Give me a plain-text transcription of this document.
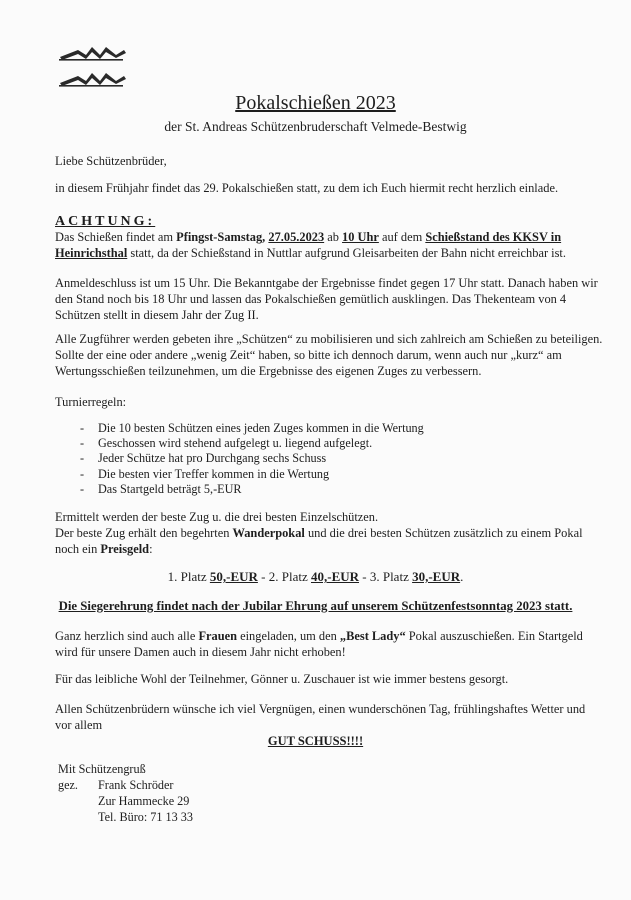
Pokalschießen 2023
der St. Andreas Schützenbruderschaft Velmede-Bestwig
Liebe Schützenbrüder,
in diesem Frühjahr findet das 29. Pokalschießen statt, zu dem ich Euch hiermit recht herzlich einlade.
ACHTUNG:
Das Schießen findet am Pfingst-Samstag, 27.05.2023 ab 10 Uhr auf dem Schießstand des KKSV in Heinrichsthal statt, da der Schießstand in Nuttlar aufgrund Gleisarbeiten der Bahn nicht erreichbar ist.
Anmeldeschluss ist um 15 Uhr. Die Bekanntgabe der Ergebnisse findet gegen 17 Uhr statt. Danach haben wir den Stand noch bis 18 Uhr und lassen das Pokalschießen gemütlich ausklingen. Das Thekenteam von 4 Schützen stellt in diesem Jahr der Zug II.
Alle Zugführer werden gebeten ihre „Schützen“ zu mobilisieren und sich zahlreich am Schießen zu beteiligen. Sollte der eine oder andere „wenig Zeit“ haben, so bitte ich dennoch darum, wenn auch nur „kurz“ am Wertungsschießen teilzunehmen, um die Ergebnisse des eigenen Zuges zu verbessern.
Turnierregeln:
- Die 10 besten Schützen eines jeden Zuges kommen in die Wertung
- Geschossen wird stehend aufgelegt u. liegend aufgelegt.
- Jeder Schütze hat pro Durchgang sechs Schuss
- Die besten vier Treffer kommen in die Wertung
- Das Startgeld beträgt 5,-EUR
Ermittelt werden der beste Zug u. die drei besten Einzelschützen.
Der beste Zug erhält den begehrten Wanderpokal und die drei besten Schützen zusätzlich zu einem Pokal noch ein Preisgeld:
1. Platz 50,-EUR - 2. Platz 40,-EUR - 3. Platz 30,-EUR.
Die Siegerehrung findet nach der Jubilar Ehrung auf unserem Schützenfestsonntag 2023 statt.
Ganz herzlich sind auch alle Frauen eingeladen, um den „Best Lady“ Pokal auszuschießen. Ein Startgeld wird für unsere Damen auch in diesem Jahr nicht erhoben!
Für das leibliche Wohl der Teilnehmer, Gönner u. Zuschauer ist wie immer bestens gesorgt.
Allen Schützenbrüdern wünsche ich viel Vergnügen, einen wunderschönen Tag, frühlingshaftes Wetter und vor allem
GUT SCHUSS!!!!
Mit Schützengruß
gez. Frank Schröder
Zur Hammecke 29
Tel. Büro: 71 13 33
